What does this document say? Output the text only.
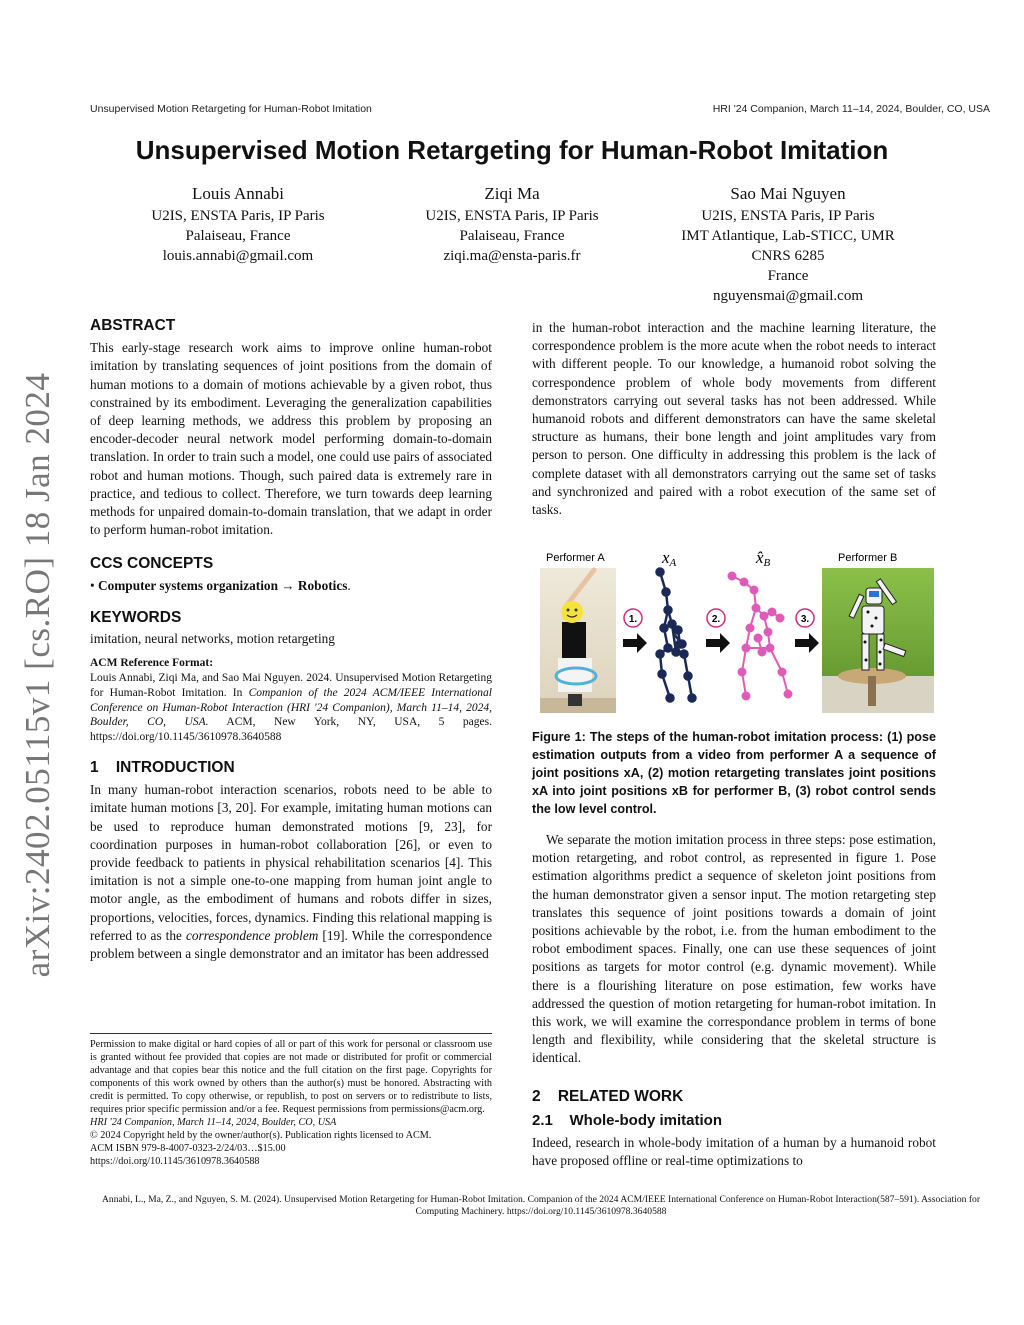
Unsupervised Motion Retargeting for Human-Robot Imitation	HRI '24 Companion, March 11–14, 2024, Boulder, CO, USA
Unsupervised Motion Retargeting for Human-Robot Imitation
Louis Annabi
U2IS, ENSTA Paris, IP Paris
Palaiseau, France
louis.annabi@gmail.com
Ziqi Ma
U2IS, ENSTA Paris, IP Paris
Palaiseau, France
ziqi.ma@ensta-paris.fr
Sao Mai Nguyen
U2IS, ENSTA Paris, IP Paris
IMT Atlantique, Lab-STICC, UMR
CNRS 6285
France
nguyensmai@gmail.com
arXiv:2402.05115v1 [cs.RO] 18 Jan 2024
ABSTRACT

This early-stage research work aims to improve online human-robot imitation by translating sequences of joint positions from the domain of human motions to a domain of motions achievable by a given robot, thus constrained by its embodiment. Leveraging the generalization capabilities of deep learning methods, we address this problem by proposing an encoder-decoder neural network model performing domain-to-domain translation. In order to train such a model, one could use pairs of associated robot and human motions. Though, such paired data is extremely rare in practice, and tedious to collect. Therefore, we turn towards deep learning methods for unpaired domain-to-domain translation, that we adapt in order to perform human-robot imitation.

CCS CONCEPTS

• Computer systems organization → Robotics.

KEYWORDS

imitation, neural networks, motion retargeting

ACM Reference Format:

Louis Annabi, Ziqi Ma, and Sao Mai Nguyen. 2024. Unsupervised Motion Retargeting for Human-Robot Imitation. In Companion of the 2024 ACM/IEEE International Conference on Human-Robot Interaction (HRI '24 Companion), March 11–14, 2024, Boulder, CO, USA. ACM, New York, NY, USA, 5 pages. https://doi.org/10.1145/3610978.3640588

1    INTRODUCTION

In many human-robot interaction scenarios, robots need to be able to imitate human motions [3, 20]. For example, imitating human motions can be used to reproduce human demonstrated motions [9, 23], for coordination purposes in human-robot collaboration [26], or even to provide feedback to patients in physical rehabilitation scenarios [4]. This imitation is not a simple one-to-one mapping from human joint angle to motor angle, as the embodiment of humans and robots differ in sizes, proportions, velocities, forces, dynamics. Finding this relational mapping is referred to as the correspondence problem [19]. While the correspondence problem between a single demonstrator and an imitator has been addressed

Permission to make digital or hard copies of all or part of this work for personal or classroom use is granted without fee provided that copies are not made or distributed for profit or commercial advantage and that copies bear this notice and the full citation on the first page. Copyrights for components of this work owned by others than the author(s) must be honored. Abstracting with credit is permitted. To copy otherwise, or republish, to post on servers or to redistribute to lists, requires prior specific permission and/or a fee. Request permissions from permissions@acm.org.
HRI '24 Companion, March 11–14, 2024, Boulder, CO, USA
© 2024 Copyright held by the owner/author(s). Publication rights licensed to ACM.
ACM ISBN 979-8-4007-0323-2/24/03…$15.00
https://doi.org/10.1145/3610978.3640588

in the human-robot interaction and the machine learning literature, the correspondence problem is the more acute when the robot needs to interact with different people. To our knowledge, a humanoid robot solving the correspondence problem of whole body movements from different demonstrators carrying out several tasks has not been addressed. While humanoid robots and different demonstrators can have the same skeletal structure as humans, their bone length and joint amplitudes vary from person to person. One difficulty in addressing this problem is the lack of complete dataset with all demonstrators carrying out the same set of tasks and synchronized and paired with a robot execution of the same set of tasks.

Performer A	xA	x̂B	Performer B
1.	2.	3.
Figure 1: The steps of the human-robot imitation process: (1) pose estimation outputs from a video from performer A a sequence of joint positions xA, (2) motion retargeting translates joint positions xA into joint positions xB for performer B, (3) robot control sends the low level control.

We separate the motion imitation process in three steps: pose estimation, motion retargeting, and robot control, as represented in figure 1. Pose estimation algorithms predict a sequence of skeleton joint positions from the human demonstrator given a sensor input. The motion retargeting step translates this sequence of joint positions towards a domain of joint positions achievable by the robot, i.e. from the human embodiment to the robot embodiment spaces. Finally, one can use these sequences of joint positions as targets for motor control (e.g. dynamic movement). While there is a flourishing literature on pose estimation, few works have addressed the question of motion retargeting for human-robot imitation. In this work, we will examine the correspondance problem in terms of bone length and flexibility, while considering that the skeletal structure is identical.

2    RELATED WORK
2.1    Whole-body imitation

Indeed, research in whole-body imitation of a human by a humanoid robot have proposed offline or real-time optimizations to

Annabi, L., Ma, Z., and Nguyen, S. M. (2024). Unsupervised Motion Retargeting for Human-Robot Imitation. Companion of the 2024 ACM/IEEE International Conference on Human-Robot Interaction(587–591). Association for Computing Machinery. https://doi.org/10.1145/3610978.3640588
